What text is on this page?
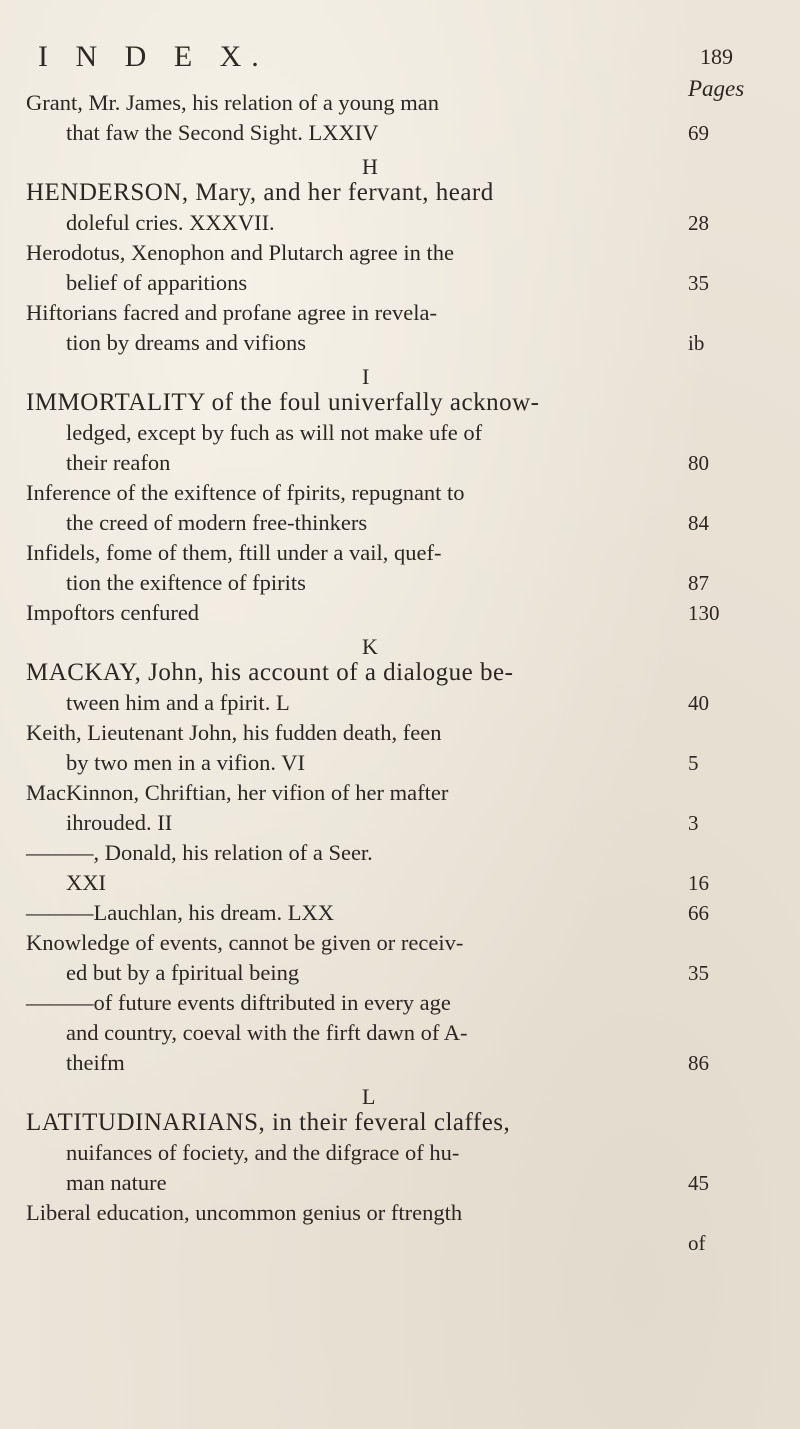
I N D E X.	189
Pages
Grant, Mr. James, his relation of a young man
that faw the Second Sight. LXXIV	69
H
HENDERSON, Mary, and her fervant, heard
doleful cries. XXXVII.	28
Herodotus, Xenophon and Plutarch agree in the
belief of apparitions	35
Hiftorians facred and profane agree in revela-
tion by dreams and vifions	ib
I
IMMORTALITY of the foul univerfally acknow-
ledged, except by fuch as will not make ufe of
their reafon	80
Inference of the exiftence of fpirits, repugnant to
the creed of modern free-thinkers	84
Infidels, fome of them, ftill under a vail, quef-
tion the exiftence of fpirits	87
Impoftors cenfured	130
K
MACKAY, John, his account of a dialogue be-
tween him and a fpirit. L	40
Keith, Lieutenant John, his fudden death, feen
by two men in a vifion. VI	5
MacKinnon, Chriftian, her vifion of her mafter
ihrouded. II	3
———, Donald, his relation of a Seer.
XXI	16
———Lauchlan, his dream. LXX	66
Knowledge of events, cannot be given or receiv-
ed but by a fpiritual being	35
———of future events diftributed in every age
and country, coeval with the firft dawn of A-
theifm	86
L
LATITUDINARIANS, in their feveral claffes,
nuifances of fociety, and the difgrace of hu-
man nature	45
Liberal education, uncommon genius or ftrength
of
